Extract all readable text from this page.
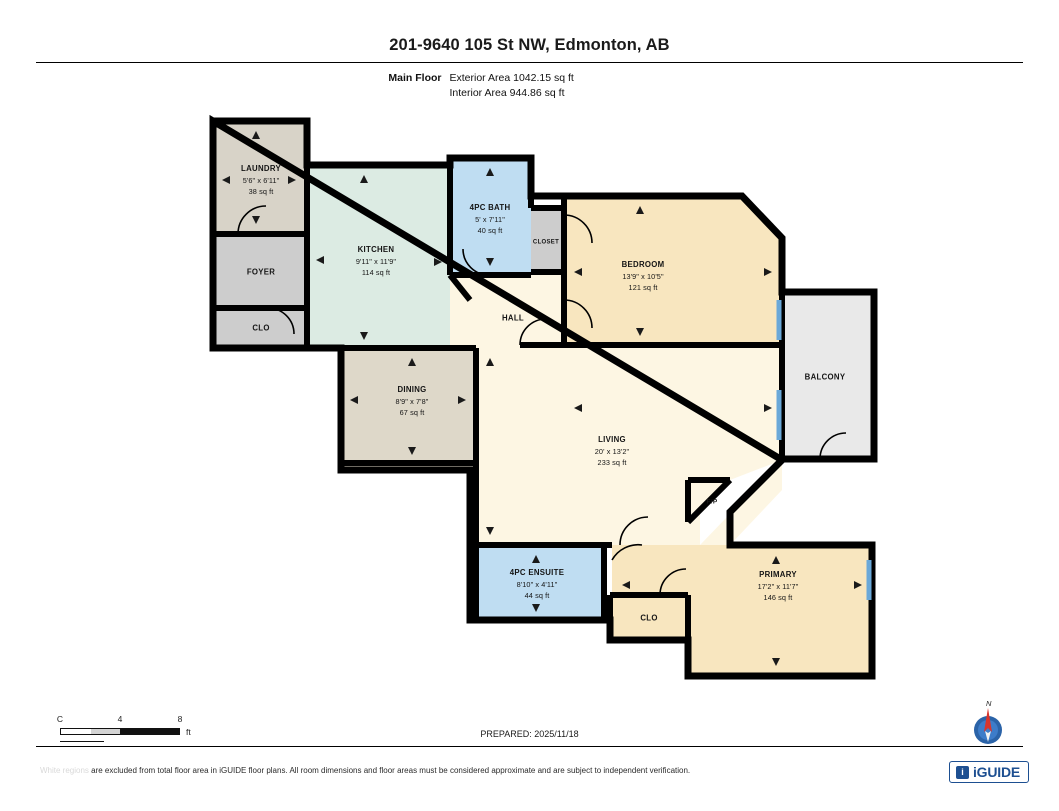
201-9640 105 St NW, Edmonton, AB
Main Floor Exterior Area 1042.15 sq ft
Interior Area 944.86 sq ft
LAUNDRY
5'6" x 6'11"
38 sq ft
KITCHEN
9'11" x 11'9"
114 sq ft
FOYER
CLO
4PC BATH
5' x 7'11"
40 sq ft
CLOSET
BEDROOM
13'9" x 10'5"
121 sq ft
HALL
BALCONY
DINING
8'9" x 7'8"
67 sq ft
LIVING
20' x 13'2"
233 sq ft
F/P
4PC ENSUITE
8'10" x 4'11"
44 sq ft
CLO
PRIMARY
17'2" x 11'7"
146 sq ft
PREPARED: 2025/11/18
C	4	8
ft
N
White regions are excluded from total floor area in iGUIDE floor plans. All room dimensions and floor areas must be considered approximate and are subject to independent verification.	i iGUIDE
